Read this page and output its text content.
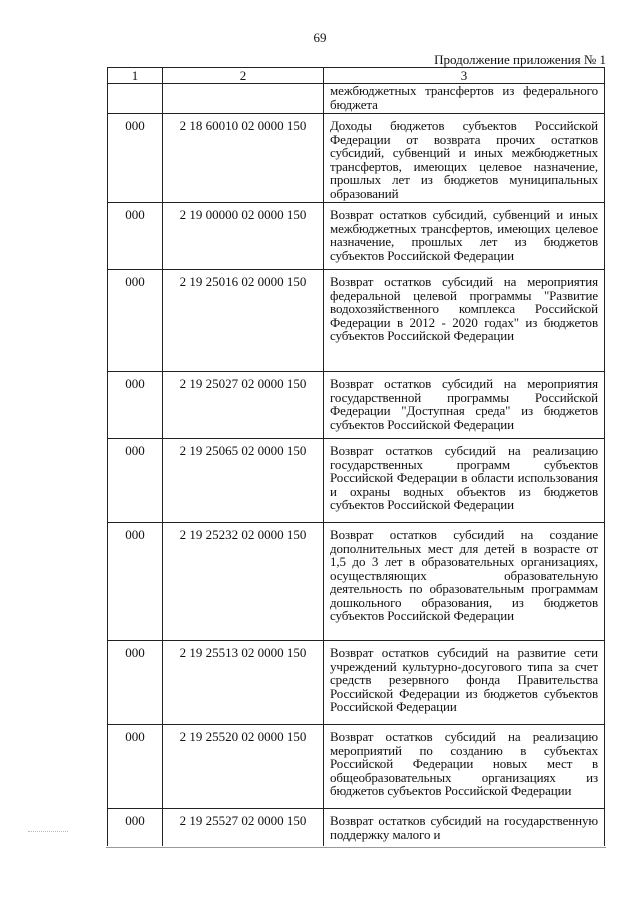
69
Продолжение приложения № 1
1	2	3
		межбюджетных трансфертов из федерального бюджета
000	2 18 60010 02 0000 150	Доходы бюджетов субъектов Российской Федерации от возврата прочих остатков субсидий, субвенций и иных межбюджетных трансфертов, имеющих целевое назначение, прошлых лет из бюджетов муниципальных образований
000	2 19 00000 02 0000 150	Возврат остатков субсидий, субвенций и иных межбюджетных трансфертов, имеющих целевое назначение, прошлых лет из бюджетов субъектов Российской Федерации
000	2 19 25016 02 0000 150	Возврат остатков субсидий на мероприятия федеральной целевой программы "Развитие водохозяйственного комплекса Российской Федерации в 2012 - 2020 годах" из бюджетов субъектов Российской Федерации
000	2 19 25027 02 0000 150	Возврат остатков субсидий на мероприятия государственной программы Российской Федерации "Доступная среда" из бюджетов субъектов Российской Федерации
000	2 19 25065 02 0000 150	Возврат остатков субсидий на реализацию государственных программ субъектов Российской Федерации в области использования и охраны водных объектов из бюджетов субъектов Российской Федерации
000	2 19 25232 02 0000 150	Возврат остатков субсидий на создание дополнительных мест для детей в возрасте от 1,5 до 3 лет в образовательных организациях, осуществляющих образовательную деятельность по образовательным программам дошкольного образования, из бюджетов субъектов Российской Федерации
000	2 19 25513 02 0000 150	Возврат остатков субсидий на развитие сети учреждений культурно-досугового типа за счет средств резервного фонда Правительства Российской Федерации из бюджетов субъектов Российской Федерации
000	2 19 25520 02 0000 150	Возврат остатков субсидий на реализацию мероприятий по созданию в субъектах Российской Федерации новых мест в общеобразовательных организациях из бюджетов субъектов Российской Федерации
000	2 19 25527 02 0000 150	Возврат остатков субсидий на государственную поддержку малого и
